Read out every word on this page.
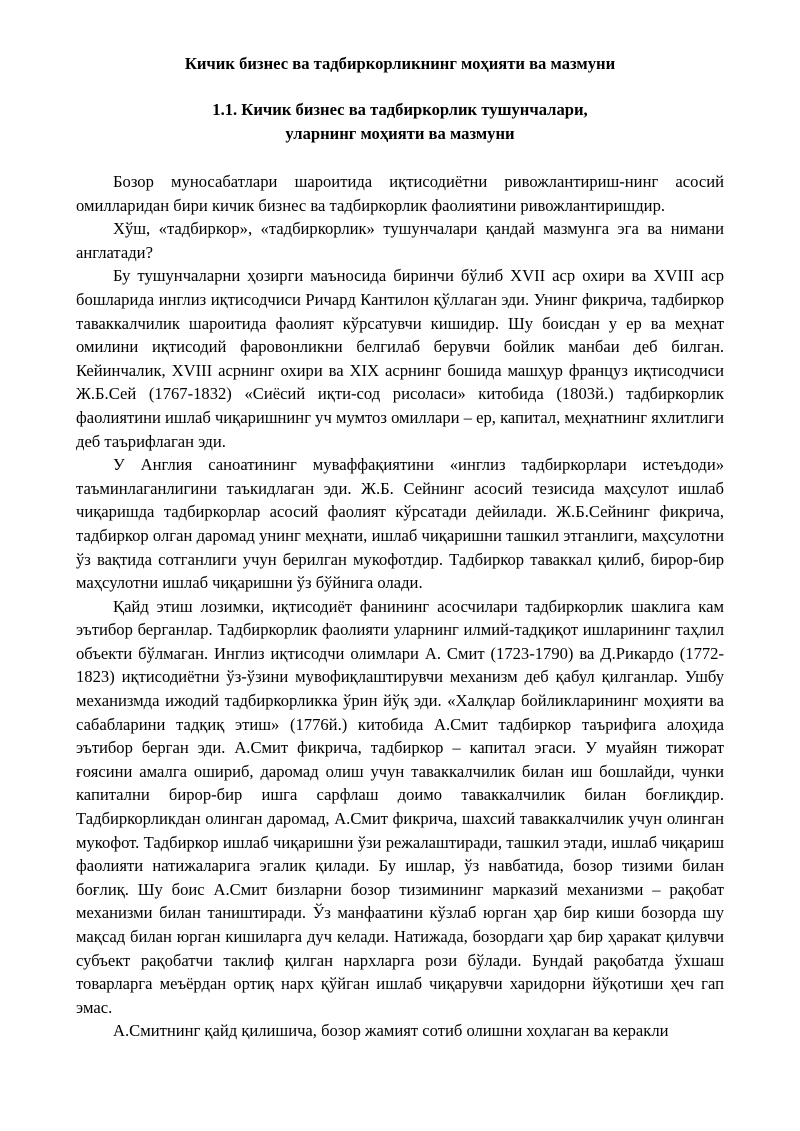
Кичик бизнес ва тадбиркорликнинг моҳияти ва мазмуни

1.1. Кичик бизнес ва тадбиркорлик тушунчалари,
уларнинг моҳияти ва мазмуни

Бозор муносабатлари шароитида иқтисодиётни ривожлантириш-нинг асосий омилларидан бири кичик бизнес ва тадбиркорлик фаолиятини ривожлантиришдир.

Хўш, «тадбиркор», «тадбиркорлик» тушунчалари қандай мазмунга эга ва нимани англатади?

Бу тушунчаларни ҳозирги маъносида биринчи бўлиб XVII аср охири ва XVIII аср бошларида инглиз иқтисодчиси Ричард Кантилон қўллаган эди. Унинг фикрича, тадбиркор таваккалчилик шароитида фаолият кўрсатувчи кишидир. Шу боисдан у ер ва меҳнат омилини иқтисодий фаровонликни белгилаб берувчи бойлик манбаи деб билган. Кейинчалик, XVIII асрнинг охири ва XIX асрнинг бошида машҳур француз иқтисодчиси Ж.Б.Сей (1767-1832) «Сиёсий иқти-сод рисоласи» китобида (1803й.) тадбиркорлик фаолиятини ишлаб чиқаришнинг уч мумтоз омиллари – ер, капитал, меҳнатнинг яхлитлиги деб таърифлаган эди.

У Англия саноатининг муваффақиятини «инглиз тадбиркорлари истеъдоди» таъминлаганлигини таъкидлаган эди. Ж.Б. Сейнинг асосий тезисида маҳсулот ишлаб чиқаришда тадбиркорлар асосий фаолият кўрсатади дейилади. Ж.Б.Сейнинг фикрича, тадбиркор олган даромад унинг меҳнати, ишлаб чиқаришни ташкил этганлиги, маҳсулотни ўз вақтида сотганлиги учун берилган мукофотдир. Тадбиркор таваккал қилиб, бирор-бир маҳсулотни ишлаб чиқаришни ўз бўйнига олади.

Қайд этиш лозимки, иқтисодиёт фанининг асосчилари тадбиркорлик шаклига кам эътибор берганлар. Тадбиркорлик фаолияти уларнинг илмий-тадқиқот ишларининг таҳлил объекти бўлмаган. Инглиз иқтисодчи олимлари А. Смит (1723-1790) ва Д.Рикардо (1772-1823) иқтисодиётни ўз-ўзини мувофиқлаштирувчи механизм деб қабул қилганлар. Ушбу механизмда ижодий тадбиркорликка ўрин йўқ эди. «Халқлар бойликларининг моҳияти ва сабабларини тадқиқ этиш» (1776й.) китобида А.Смит тадбиркор таърифига алоҳида эътибор берган эди. А.Смит фикрича, тадбиркор – капитал эгаси. У муайян тижорат ғоясини амалга ошириб, даромад олиш учун таваккалчилик билан иш бошлайди, чунки капитални бирор-бир ишга сарфлаш доимо таваккалчилик билан боғлиқдир. Тадбиркорликдан олинган даромад, А.Смит фикрича, шахсий таваккалчилик учун олинган мукофот. Тадбиркор ишлаб чиқаришни ўзи режалаштиради, ташкил этади, ишлаб чиқариш фаолияти натижаларига эгалик қилади. Бу ишлар, ўз навбатида, бозор тизими билан боғлиқ. Шу боис А.Смит бизларни бозор тизимининг марказий механизми – рақобат механизми билан таништиради. Ўз манфаатини кўзлаб юрган ҳар бир киши бозорда шу мақсад билан юрган кишиларга дуч келади. Натижада, бозордаги ҳар бир ҳаракат қилувчи субъект рақобатчи таклиф қилган нархларга рози бўлади. Бундай рақобатда ўхшаш товарларга меъёрдан ортиқ нарх қўйган ишлаб чиқарувчи харидорни йўқотиши ҳеч гап эмас.

А.Смитнинг қайд қилишича, бозор жамият сотиб олишни хоҳлаган ва керакли
